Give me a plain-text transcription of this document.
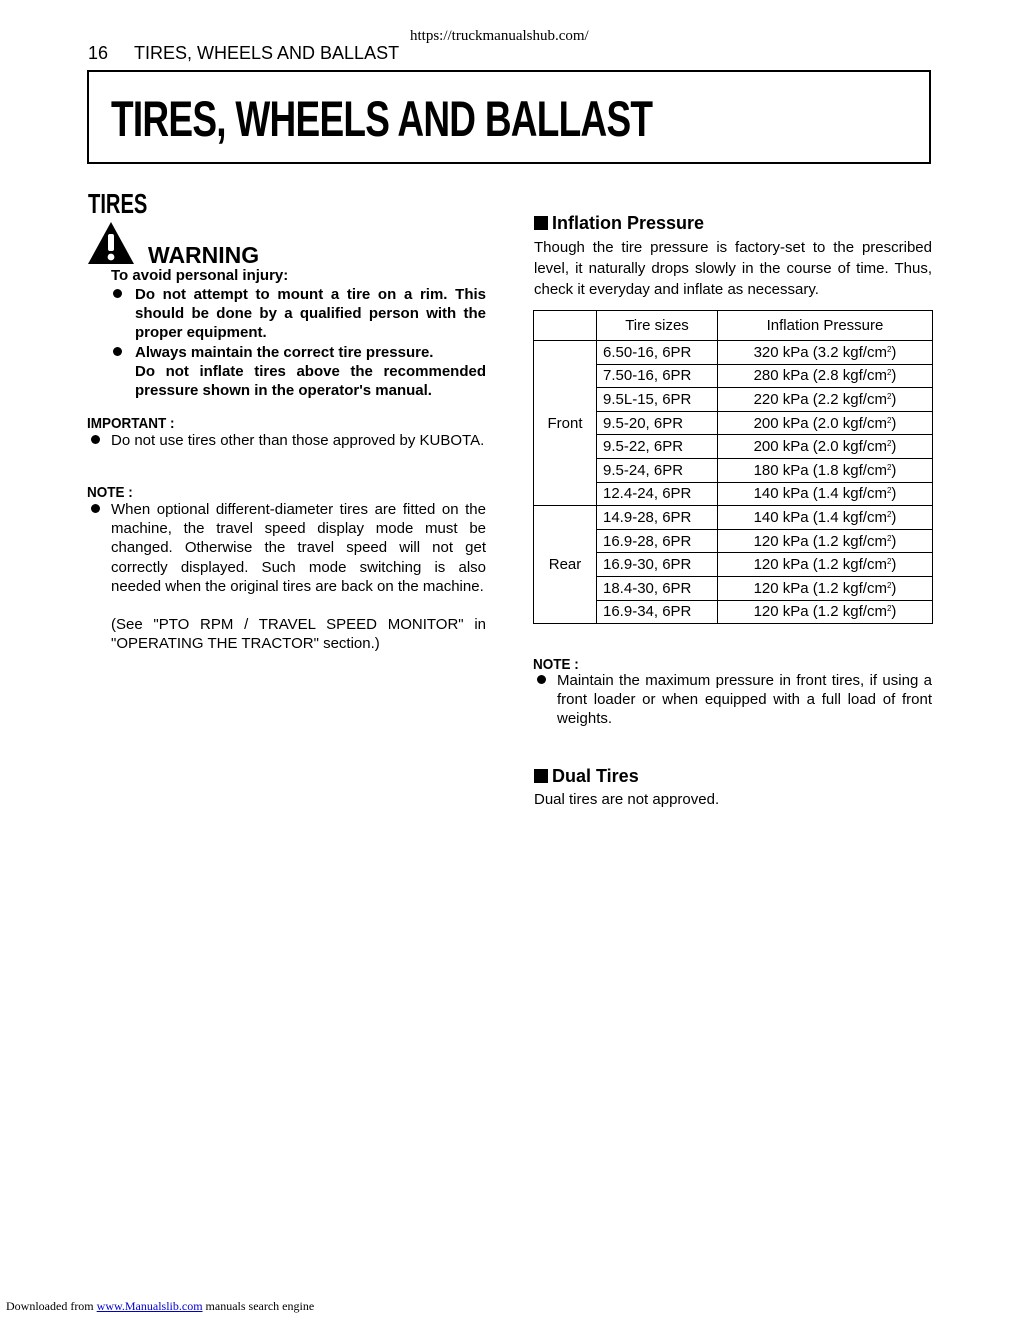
https://truckmanualshub.com/
16 TIRES, WHEELS AND BALLAST
TIRES, WHEELS AND BALLAST
TIRES
WARNING
To avoid personal injury:
Do not attempt to mount a tire on a rim. This should be done by a qualified person with the proper equipment.
Always maintain the correct tire pressure.
Do not inflate tires above the recommended pressure shown in the operator's manual.
IMPORTANT :
Do not use tires other than those approved by KUBOTA.
NOTE :
When optional different-diameter tires are fitted on the machine, the travel speed display mode must be changed. Otherwise the travel speed will not get correctly displayed. Such mode switching is also needed when the original tires are back on the machine.
(See "PTO RPM / TRAVEL SPEED MONITOR" in "OPERATING THE TRACTOR" section.)
Inflation Pressure
Though the tire pressure is factory-set to the prescribed level, it naturally drops slowly in the course of time. Thus, check it everyday and inflate as necessary.
	Tire sizes	Inflation Pressure
Front	6.50-16, 6PR	320 kPa (3.2 kgf/$cm^2$)
	7.50-16, 6PR	280 kPa (2.8 kgf/$cm^2$)
	9.5L-15, 6PR	220 kPa (2.2 kgf/$cm^2$)
	9.5-20, 6PR	200 kPa (2.0 kgf/$cm^2$)
	9.5-22, 6PR	200 kPa (2.0 kgf/$cm^2$)
	9.5-24, 6PR	180 kPa (1.8 kgf/$cm^2$)
	12.4-24, 6PR	140 kPa (1.4 kgf/$cm^2$)
Rear	14.9-28, 6PR	140 kPa (1.4 kgf/$cm^2$)
	16.9-28, 6PR	120 kPa (1.2 kgf/$cm^2$)
	16.9-30, 6PR	120 kPa (1.2 kgf/$cm^2$)
	18.4-30, 6PR	120 kPa (1.2 kgf/$cm^2$)
	16.9-34, 6PR	120 kPa (1.2 kgf/$cm^2$)
NOTE :
Maintain the maximum pressure in front tires, if using a front loader or when equipped with a full load of front weights.
Dual Tires
Dual tires are not approved.
Downloaded from www.Manualslib.com manuals search engine
